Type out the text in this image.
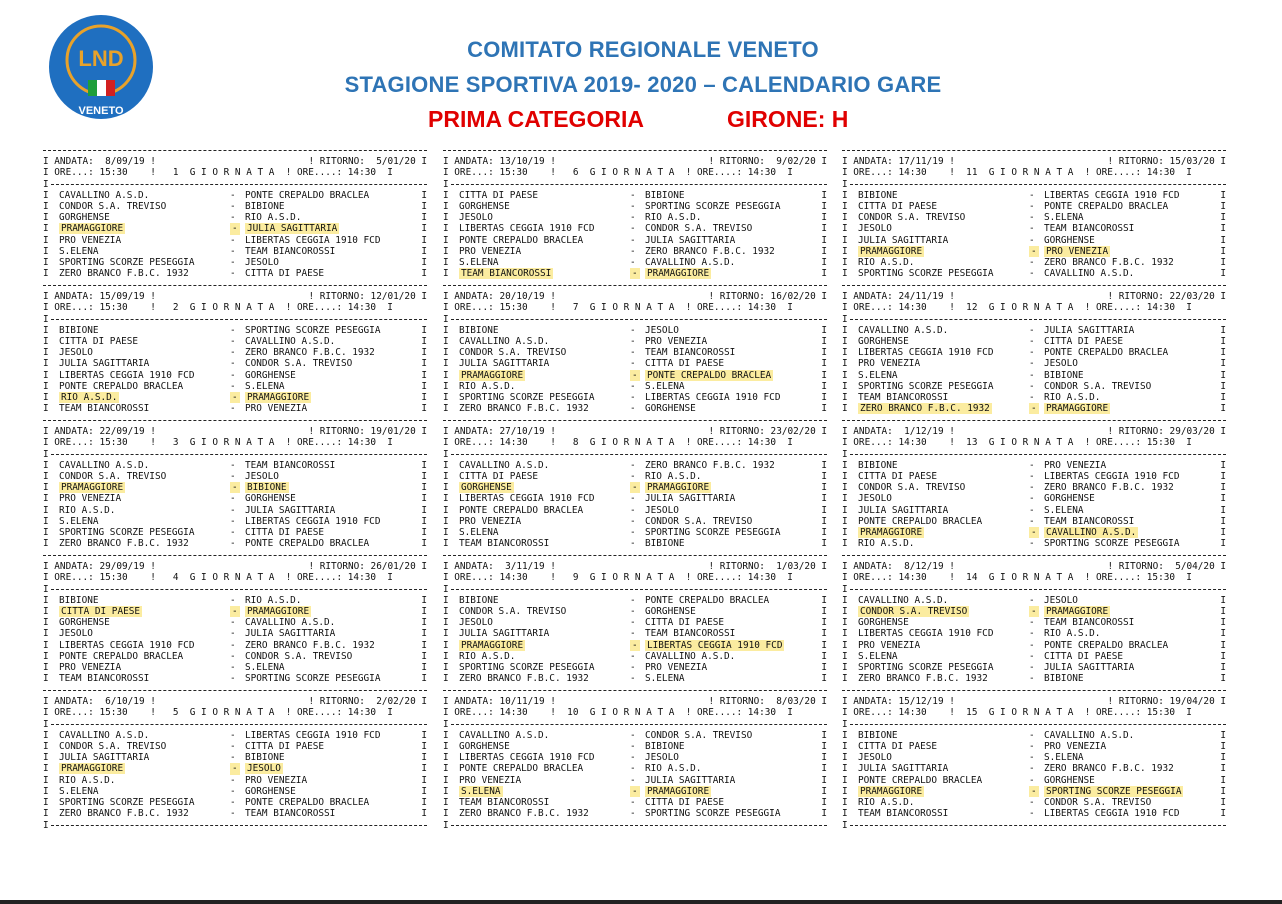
LND
VENETO
COMITATO REGIONALE VENETO
STAGIONE SPORTIVA 2019- 2020 – CALENDARIO GARE
PRIMA CATEGORIA	GIRONE: H
I ANDATA:  8/09/19 !	! RITORNO:  5/01/20 I
I ORE...: 15:30    !   1  G I O R N A T A  ! ORE....: 14:30  I
I
I CAVALLINO A.S.D.	- PONTE CREPALDO BRACLEA	I
I CONDOR S.A. TREVISO	- BIBIONE	I
I GORGHENSE	- RIO A.S.D.	I
I PRAMAGGIORE	- JULIA SAGITTARIA	I
I PRO VENEZIA	- LIBERTAS CEGGIA 1910 FCD	I
I S.ELENA	- TEAM BIANCOROSSI	I
I SPORTING SCORZE PESEGGIA	- JESOLO	I
I ZERO BRANCO F.B.C. 1932	- CITTA DI PAESE	I
I ANDATA: 15/09/19 !	! RITORNO: 12/01/20 I
I ORE...: 15:30    !   2  G I O R N A T A  ! ORE....: 14:30  I
I
I BIBIONE	- SPORTING SCORZE PESEGGIA	I
I CITTA DI PAESE	- CAVALLINO A.S.D.	I
I JESOLO	- ZERO BRANCO F.B.C. 1932	I
I JULIA SAGITTARIA	- CONDOR S.A. TREVISO	I
I LIBERTAS CEGGIA 1910 FCD	- GORGHENSE	I
I PONTE CREPALDO BRACLEA	- S.ELENA	I
I RIO A.S.D.	- PRAMAGGIORE	I
I TEAM BIANCOROSSI	- PRO VENEZIA	I
I ANDATA: 22/09/19 !	! RITORNO: 19/01/20 I
I ORE...: 15:30    !   3  G I O R N A T A  ! ORE....: 14:30  I
I
I CAVALLINO A.S.D.	- TEAM BIANCOROSSI	I
I CONDOR S.A. TREVISO	- JESOLO	I
I PRAMAGGIORE	- BIBIONE	I
I PRO VENEZIA	- GORGHENSE	I
I RIO A.S.D.	- JULIA SAGITTARIA	I
I S.ELENA	- LIBERTAS CEGGIA 1910 FCD	I
I SPORTING SCORZE PESEGGIA	- CITTA DI PAESE	I
I ZERO BRANCO F.B.C. 1932	- PONTE CREPALDO BRACLEA	I
I ANDATA: 29/09/19 !	! RITORNO: 26/01/20 I
I ORE...: 15:30    !   4  G I O R N A T A  ! ORE....: 14:30  I
I
I BIBIONE	- RIO A.S.D.	I
I CITTA DI PAESE	- PRAMAGGIORE	I
I GORGHENSE	- CAVALLINO A.S.D.	I
I JESOLO	- JULIA SAGITTARIA	I
I LIBERTAS CEGGIA 1910 FCD	- ZERO BRANCO F.B.C. 1932	I
I PONTE CREPALDO BRACLEA	- CONDOR S.A. TREVISO	I
I PRO VENEZIA	- S.ELENA	I
I TEAM BIANCOROSSI	- SPORTING SCORZE PESEGGIA	I
I ANDATA:  6/10/19 !	! RITORNO:  2/02/20 I
I ORE...: 15:30    !   5  G I O R N A T A  ! ORE....: 14:30  I
I
I CAVALLINO A.S.D.	- LIBERTAS CEGGIA 1910 FCD	I
I CONDOR S.A. TREVISO	- CITTA DI PAESE	I
I JULIA SAGITTARIA	- BIBIONE	I
I PRAMAGGIORE	- JESOLO	I
I RIO A.S.D.	- PRO VENEZIA	I
I S.ELENA	- GORGHENSE	I
I SPORTING SCORZE PESEGGIA	- PONTE CREPALDO BRACLEA	I
I ZERO BRANCO F.B.C. 1932	- TEAM BIANCOROSSI	I
I
I ANDATA: 13/10/19 !	! RITORNO:  9/02/20 I
I ORE...: 15:30    !   6  G I O R N A T A  ! ORE....: 14:30  I
I
I CITTA DI PAESE	- BIBIONE	I
I GORGHENSE	- SPORTING SCORZE PESEGGIA	I
I JESOLO	- RIO A.S.D.	I
I LIBERTAS CEGGIA 1910 FCD	- CONDOR S.A. TREVISO	I
I PONTE CREPALDO BRACLEA	- JULIA SAGITTARIA	I
I PRO VENEZIA	- ZERO BRANCO F.B.C. 1932	I
I S.ELENA	- CAVALLINO A.S.D.	I
I TEAM BIANCOROSSI	- PRAMAGGIORE	I
I ANDATA: 20/10/19 !	! RITORNO: 16/02/20 I
I ORE...: 15:30    !   7  G I O R N A T A  ! ORE....: 14:30  I
I
I BIBIONE	- JESOLO	I
I CAVALLINO A.S.D.	- PRO VENEZIA	I
I CONDOR S.A. TREVISO	- TEAM BIANCOROSSI	I
I JULIA SAGITTARIA	- CITTA DI PAESE	I
I PRAMAGGIORE	- PONTE CREPALDO BRACLEA	I
I RIO A.S.D.	- S.ELENA	I
I SPORTING SCORZE PESEGGIA	- LIBERTAS CEGGIA 1910 FCD	I
I ZERO BRANCO F.B.C. 1932	- GORGHENSE	I
I ANDATA: 27/10/19 !	! RITORNO: 23/02/20 I
I ORE...: 14:30    !   8  G I O R N A T A  ! ORE....: 14:30  I
I
I CAVALLINO A.S.D.	- ZERO BRANCO F.B.C. 1932	I
I CITTA DI PAESE	- RIO A.S.D.	I
I GORGHENSE	- PRAMAGGIORE	I
I LIBERTAS CEGGIA 1910 FCD	- JULIA SAGITTARIA	I
I PONTE CREPALDO BRACLEA	- JESOLO	I
I PRO VENEZIA	- CONDOR S.A. TREVISO	I
I S.ELENA	- SPORTING SCORZE PESEGGIA	I
I TEAM BIANCOROSSI	- BIBIONE	I
I ANDATA:  3/11/19 !	! RITORNO:  1/03/20 I
I ORE...: 14:30    !   9  G I O R N A T A  ! ORE....: 14:30  I
I
I BIBIONE	- PONTE CREPALDO BRACLEA	I
I CONDOR S.A. TREVISO	- GORGHENSE	I
I JESOLO	- CITTA DI PAESE	I
I JULIA SAGITTARIA	- TEAM BIANCOROSSI	I
I PRAMAGGIORE	- LIBERTAS CEGGIA 1910 FCD	I
I RIO A.S.D.	- CAVALLINO A.S.D.	I
I SPORTING SCORZE PESEGGIA	- PRO VENEZIA	I
I ZERO BRANCO F.B.C. 1932	- S.ELENA	I
I ANDATA: 10/11/19 !	! RITORNO:  8/03/20 I
I ORE...: 14:30    !  10  G I O R N A T A  ! ORE....: 14:30  I
I
I CAVALLINO A.S.D.	- CONDOR S.A. TREVISO	I
I GORGHENSE	- BIBIONE	I
I LIBERTAS CEGGIA 1910 FCD	- JESOLO	I
I PONTE CREPALDO BRACLEA	- RIO A.S.D.	I
I PRO VENEZIA	- JULIA SAGITTARIA	I
I S.ELENA	- PRAMAGGIORE	I
I TEAM BIANCOROSSI	- CITTA DI PAESE	I
I ZERO BRANCO F.B.C. 1932	- SPORTING SCORZE PESEGGIA	I
I
I ANDATA: 17/11/19 !	! RITORNO: 15/03/20 I
I ORE...: 14:30    !  11  G I O R N A T A  ! ORE....: 14:30  I
I
I BIBIONE	- LIBERTAS CEGGIA 1910 FCD	I
I CITTA DI PAESE	- PONTE CREPALDO BRACLEA	I
I CONDOR S.A. TREVISO	- S.ELENA	I
I JESOLO	- TEAM BIANCOROSSI	I
I JULIA SAGITTARIA	- GORGHENSE	I
I PRAMAGGIORE	- PRO VENEZIA	I
I RIO A.S.D.	- ZERO BRANCO F.B.C. 1932	I
I SPORTING SCORZE PESEGGIA	- CAVALLINO A.S.D.	I
I ANDATA: 24/11/19 !	! RITORNO: 22/03/20 I
I ORE...: 14:30    !  12  G I O R N A T A  ! ORE....: 14:30  I
I
I CAVALLINO A.S.D.	- JULIA SAGITTARIA	I
I GORGHENSE	- CITTA DI PAESE	I
I LIBERTAS CEGGIA 1910 FCD	- PONTE CREPALDO BRACLEA	I
I PRO VENEZIA	- JESOLO	I
I S.ELENA	- BIBIONE	I
I SPORTING SCORZE PESEGGIA	- CONDOR S.A. TREVISO	I
I TEAM BIANCOROSSI	- RIO A.S.D.	I
I ZERO BRANCO F.B.C. 1932	- PRAMAGGIORE	I
I ANDATA:  1/12/19 !	! RITORNO: 29/03/20 I
I ORE...: 14:30    !  13  G I O R N A T A  ! ORE....: 15:30  I
I
I BIBIONE	- PRO VENEZIA	I
I CITTA DI PAESE	- LIBERTAS CEGGIA 1910 FCD	I
I CONDOR S.A. TREVISO	- ZERO BRANCO F.B.C. 1932	I
I JESOLO	- GORGHENSE	I
I JULIA SAGITTARIA	- S.ELENA	I
I PONTE CREPALDO BRACLEA	- TEAM BIANCOROSSI	I
I PRAMAGGIORE	- CAVALLINO A.S.D.	I
I RIO A.S.D.	- SPORTING SCORZE PESEGGIA	I
I ANDATA:  8/12/19 !	! RITORNO:  5/04/20 I
I ORE...: 14:30    !  14  G I O R N A T A  ! ORE....: 15:30  I
I
I CAVALLINO A.S.D.	- JESOLO	I
I CONDOR S.A. TREVISO	- PRAMAGGIORE	I
I GORGHENSE	- TEAM BIANCOROSSI	I
I LIBERTAS CEGGIA 1910 FCD	- RIO A.S.D.	I
I PRO VENEZIA	- PONTE CREPALDO BRACLEA	I
I S.ELENA	- CITTA DI PAESE	I
I SPORTING SCORZE PESEGGIA	- JULIA SAGITTARIA	I
I ZERO BRANCO F.B.C. 1932	- BIBIONE	I
I ANDATA: 15/12/19 !	! RITORNO: 19/04/20 I
I ORE...: 14:30    !  15  G I O R N A T A  ! ORE....: 15:30  I
I
I BIBIONE	- CAVALLINO A.S.D.	I
I CITTA DI PAESE	- PRO VENEZIA	I
I JESOLO	- S.ELENA	I
I JULIA SAGITTARIA	- ZERO BRANCO F.B.C. 1932	I
I PONTE CREPALDO BRACLEA	- GORGHENSE	I
I PRAMAGGIORE	- SPORTING SCORZE PESEGGIA	I
I RIO A.S.D.	- CONDOR S.A. TREVISO	I
I TEAM BIANCOROSSI	- LIBERTAS CEGGIA 1910 FCD	I
I
